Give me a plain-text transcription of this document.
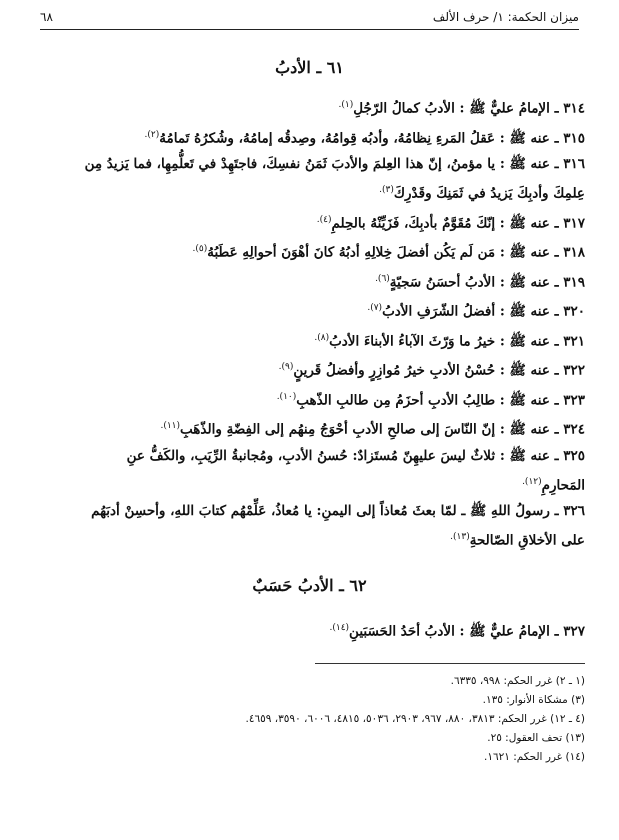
ميزان الحكمة: ١/ حرف الألف
٦٨
٦١ ـ الأدبُ
٣١٤ ـ الإمامُ عليٌّ ﷺ : الأدبُ كمالُ الرّجُلِ$^{(١).}$
٣١٥ ـ عنه ﷺ : عَقلُ المَرءِ نِظامُهُ، وأدبُه قِوامُهُ، وصِدقُه إمامُهُ، وشُكرُهُ تَمامُهُ$^{(٢).}$
٣١٦ ـ عنه ﷺ : يا مؤمنُ، إنّ هذا العِلمَ والأدبَ ثَمَنُ نفسِكَ، فاجتَهِدْ في تَعلُّمِهِا، فما يَزيدُ مِن
عِلمِكَ وأدبِكَ يَزيدُ في ثَمَنِكَ وقَدْرِكَ$^{(٣).}$
٣١٧ ـ عنه ﷺ : إنّكَ مُقَوَّمٌ بأدبِكَ، فَزَيِّنْهُ بالحِلمِ$^{(٤).}$
٣١٨ ـ عنه ﷺ : مَن لَم يَكُن أفضلَ خِلالِهِ أدبُهُ كانَ أهْوَنَ أحوالِهِ عَطَبُهُ$^{(٥).}$
٣١٩ ـ عنه ﷺ : الأدبُ أحسَنُ سَجيّةٍ$^{(٦).}$
٣٢٠ ـ عنه ﷺ : أفضلُ الشّرَفِ الأدبُ$^{(٧).}$
٣٢١ ـ عنه ﷺ : خيرُ ما وَرّثَ الآباءُ الأبناءَ الأدبُ$^{(٨).}$
٣٢٢ ـ عنه ﷺ : حُسْنُ الأدبِ خيرُ مُوازِرٍ وأفضلُ قَرينٍ$^{(٩).}$
٣٢٣ ـ عنه ﷺ : طالِبُ الأدبِ أحزَمُ مِن طالبِ الذّهبِ$^{(١٠).}$
٣٢٤ ـ عنه ﷺ : إنّ النّاسَ إلى صالحِ الأدبِ أحْوَجُ مِنهُم إلى الفِضّةِ والذّهَبِ$^{(١١).}$
٣٢٥ ـ عنه ﷺ : ثلاثٌ ليسَ عليهِنّ مُستَزادٌ: حُسنُ الأدبِ، ومُجانبةُ الرِّيَبِ، والكَفُّ عنِ
المَحارِمِ$^{(١٢).}$
٣٢٦ ـ رسولُ اللهِ ﷺ ـ لمّا بعثَ مُعاذاً إلى اليمنِ: يا مُعاذُ، عَلِّمْهُم كتابَ اللهِ، وأحسِنْ أدبَهُم
على الأخلاقِ الصّالحةِ$^{(١٣).}$
٦٢ ـ الأدبُ حَسَبٌ
٣٢٧ ـ الإمامُ عليٌّ ﷺ : الأدبُ أحَدُ الحَسَبَينِ$^{(١٤).}$
(١ ـ ٢) غرر الحكم: ٩٩٨، ٦٣٣٥.
(٣) مشكاة الأنوار: ١٣٥.
(٤ ـ ١٢) غرر الحكم: ٣٨١٣، ٨٨٠، ٩٦٧، ٢٩٠٣، ٥٠٣٦، ٤٨١٥، ٦٠٠٦، ٣٥٩٠، ٤٦٥٩.
(١٣) تحف العقول: ٢٥.
(١٤) غرر الحكم: ١٦٢١.
